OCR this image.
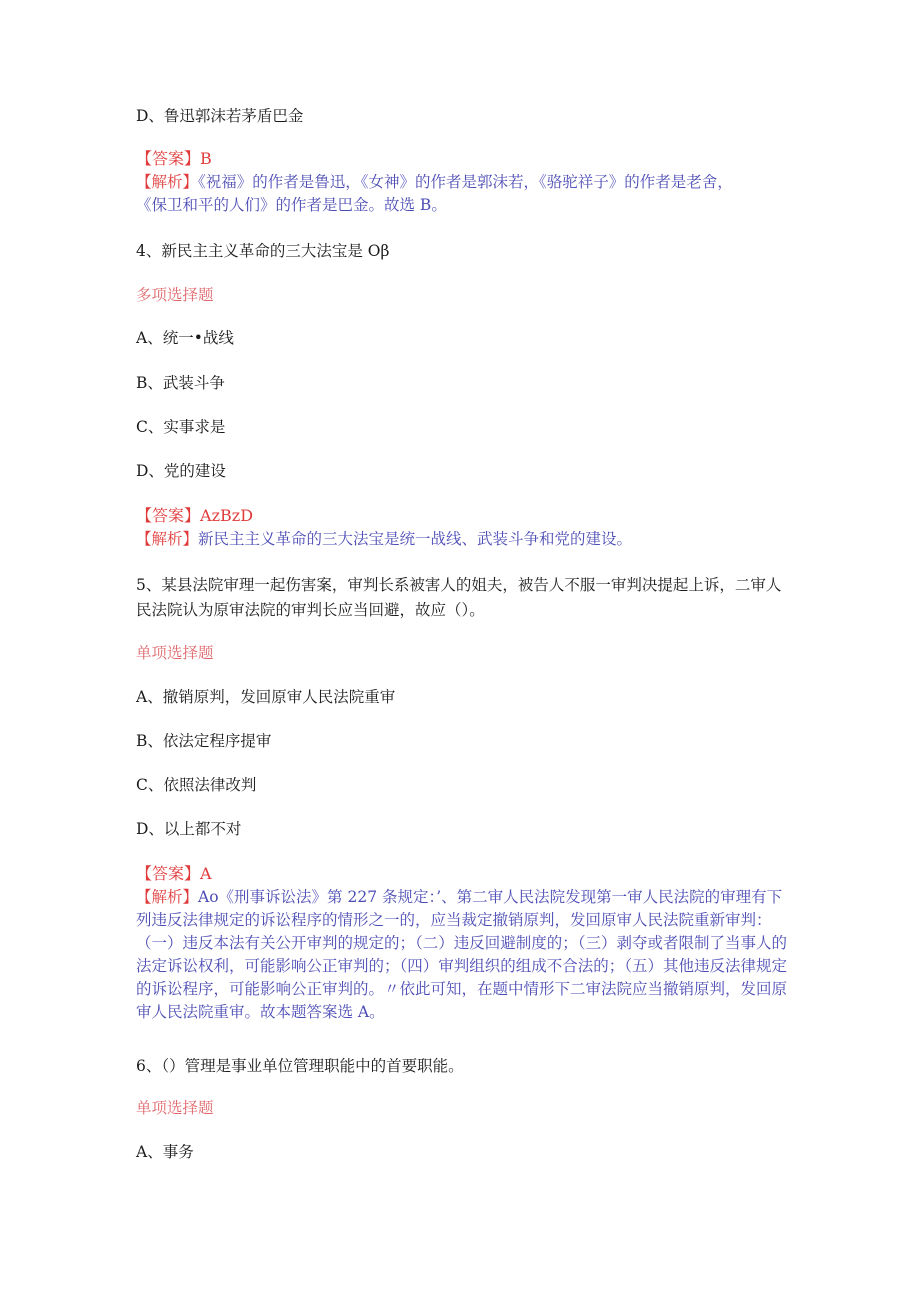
D、鲁迅郭沫若茅盾巴金
【答案】B
【解析】《祝福》的作者是鲁迅，《女神》的作者是郭沫若，《骆驼祥子》的作者是老舍，
《保卫和平的人们》的作者是巴金。故选 B。
4、新民主主义革命的三大法宝是 Oβ
多项选择题
A、统一•战线
B、武装斗争
C、实事求是
D、党的建设
【答案】AzBzD
【解析】新民主主义革命的三大法宝是统一战线、武装斗争和党的建设。
5、某县法院审理一起伤害案，审判长系被害人的姐夫，被告人不服一审判决提起上诉，二审人
民法院认为原审法院的审判长应当回避，故应（）。
单项选择题
A、撤销原判，发回原审人民法院重审
B、依法定程序提审
C、依照法律改判
D、以上都不对
【答案】A
【解析】Ao《刑事诉讼法》第 227 条规定：’、第二审人民法院发现第一审人民法院的审理有下
列违反法律规定的诉讼程序的情形之一的，应当裁定撤销原判，发回原审人民法院重新审判：
（一）违反本法有关公开审判的规定的；（二）违反回避制度的；（三）剥夺或者限制了当事人的
法定诉讼权利，可能影响公正审判的；（四）审判组织的组成不合法的；（五）其他违反法律规定
的诉讼程序，可能影响公正审判的。〃依此可知，在题中情形下二审法院应当撤销原判，发回原
审人民法院重审。故本题答案选 A。
6、（）管理是事业单位管理职能中的首要职能。
单项选择题
A、事务
